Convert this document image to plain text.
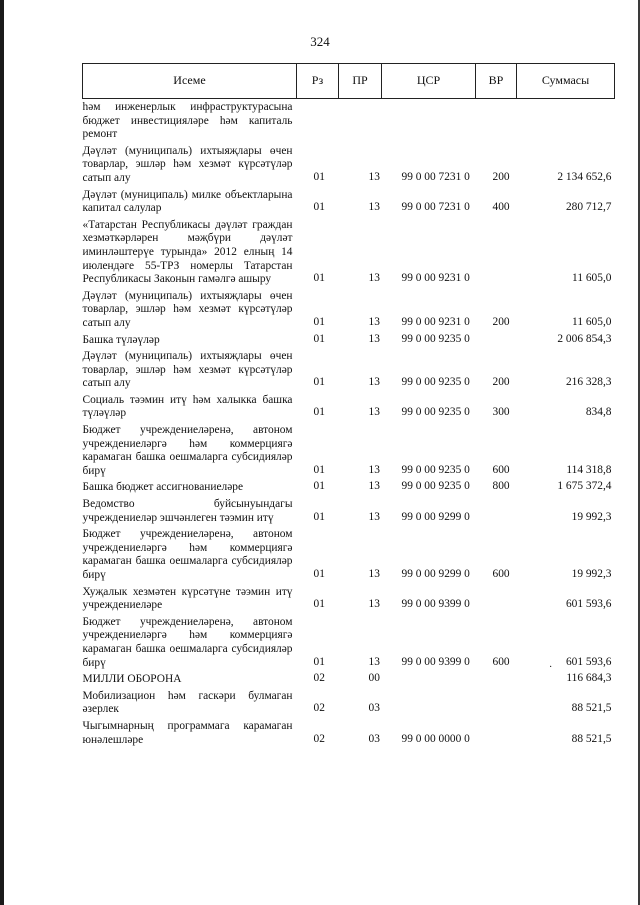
324
Исеме	Рз	ПР	ЦСР	ВР	Суммасы
һәм инженерлык инфраструктурасына бюджет инвестицияләре һәм капиталь ремонт					
Дәүләт (муниципаль) ихтыяҗлары өчен товарлар, эшләр һәм хезмәт күрсәтүләр сатып алу	01	13	99 0 00 7231 0	200	2 134 652,6
Дәүләт (муниципаль) милке объектларына капитал салулар	01	13	99 0 00 7231 0	400	280 712,7
«Татарстан Республикасы дәүләт граждан хезмәткәрләрен мәҗбүри дәүләт иминләштерүе турында» 2012 елның 14 июлендәге 55-ТРЗ номерлы Татарстан Республикасы Законын гамәлгә ашыру	01	13	99 0 00 9231 0		11 605,0
Дәүләт (муниципаль) ихтыяҗлары өчен товарлар, эшләр һәм хезмәт күрсәтүләр сатып алу	01	13	99 0 00 9231 0	200	11 605,0
Башка түләүләр	01	13	99 0 00 9235 0		2 006 854,3
Дәүләт (муниципаль) ихтыяҗлары өчен товарлар, эшләр һәм хезмәт күрсәтүләр сатып алу	01	13	99 0 00 9235 0	200	216 328,3
Социаль тәэмин итү һәм халыкка башка түләүләр	01	13	99 0 00 9235 0	300	834,8
Бюджет учреждениеләренә, автоном учреждениеләргә һәм коммерциягә карамаган башка оешмаларга субсидияләр бирү	01	13	99 0 00 9235 0	600	114 318,8
Башка бюджет ассигнованиеләре	01	13	99 0 00 9235 0	800	1 675 372,4
Ведомство буйсынуындагы учреждениеләр эшчәнлеген тәэмин итү	01	13	99 0 00 9299 0		19 992,3
Бюджет учреждениеләренә, автоном учреждениеләргә һәм коммерциягә карамаган башка оешмаларга субсидияләр бирү	01	13	99 0 00 9299 0	600	19 992,3
Хуҗалык хезмәтен күрсәтүне тәэмин итү учреждениеләре	01	13	99 0 00 9399 0		601 593,6
Бюджет учреждениеләренә, автоном учреждениеләргә һәм коммерциягә карамаган башка оешмаларга субсидияләр бирү	01	13	99 0 00 9399 0	600	601 593,6
МИЛЛИ ОБОРОНА	02	00			116 684,3
Мобилизацион һәм гаскәри булмаган әзерлек	02	03			88 521,5
Чыгымнарның программага карамаган юнәлешләре	02	03	99 0 00 0000 0		88 521,5
·
